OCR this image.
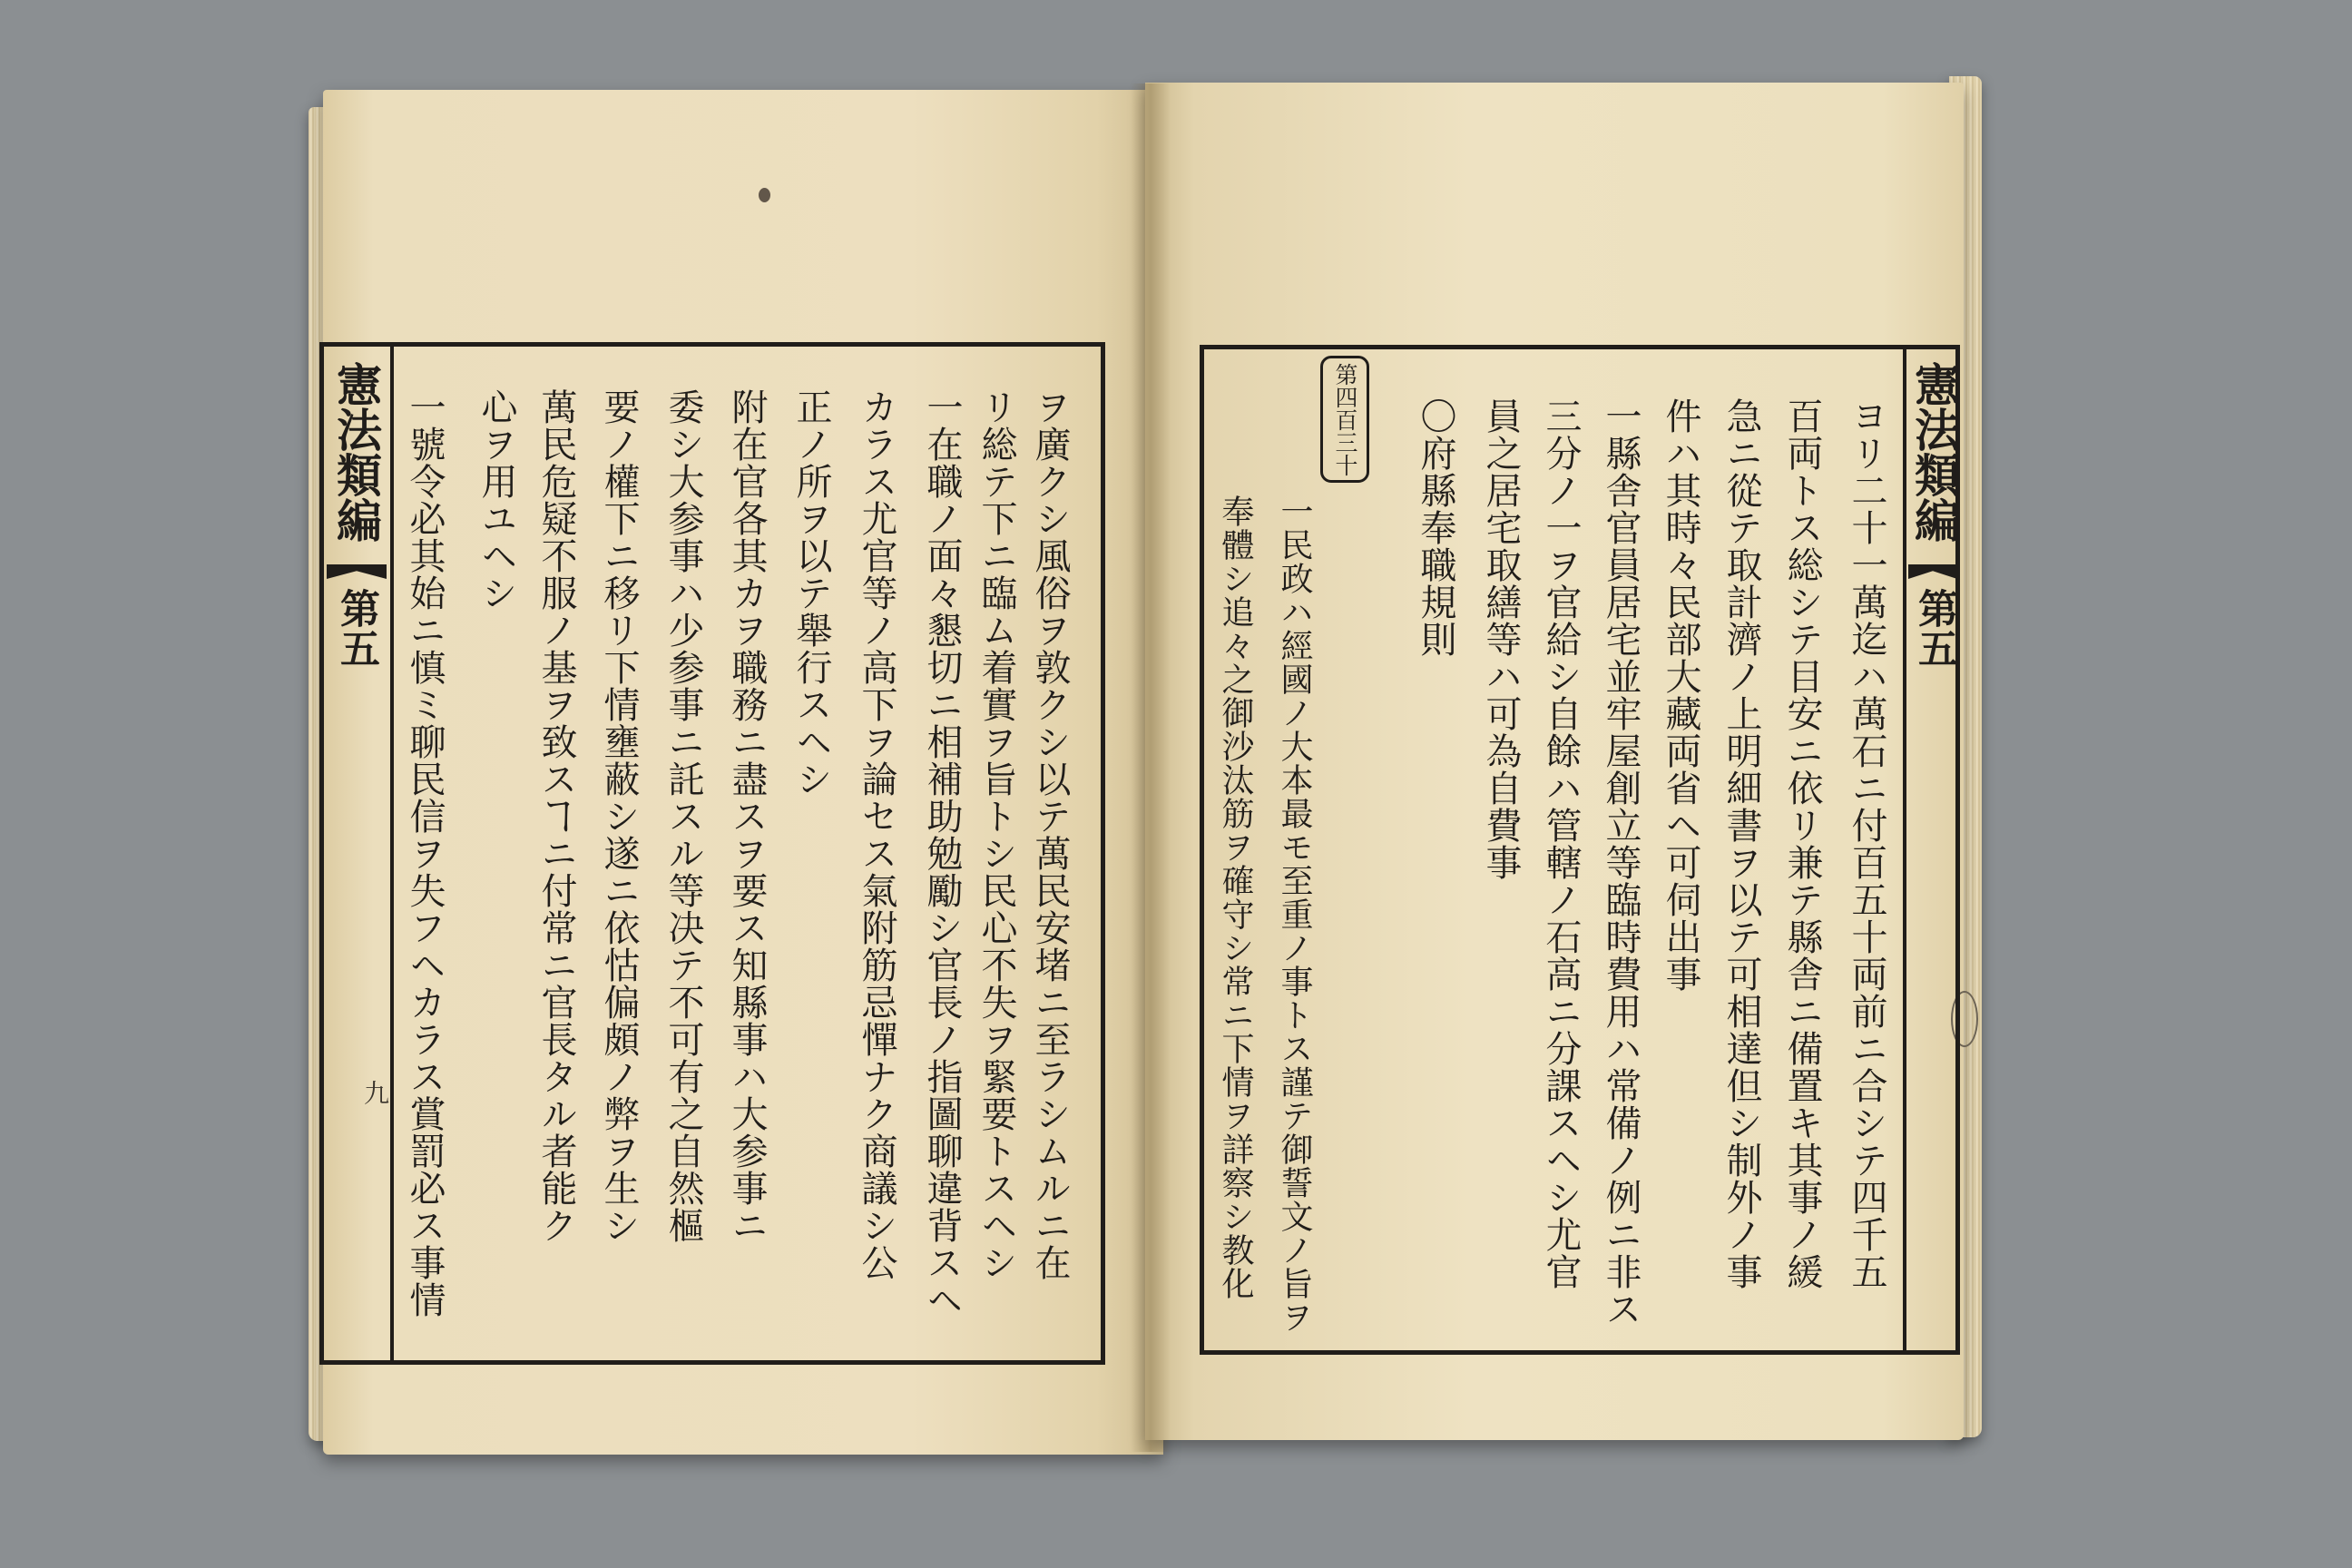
憲法類編
第五
九	ヲ廣クシ風俗ヲ敦クシ以テ萬民安堵ニ至ラシムルニ在
リ総テ下ニ臨ム着實ヲ旨トシ民心不失ヲ緊要トスヘシ
一在職ノ面々懇切ニ相補助勉勵シ官長ノ指圖聊違背スヘ
カラス尤官等ノ高下ヲ論セス氣附筋忌憚ナク商議シ公
正ノ所ヲ以テ舉行スヘシ
附在官各其カヲ職務ニ盡スヲ要ス知縣事ハ大参事ニ
委シ大参事ハ少参事ニ託スル等决テ不可有之自然樞
要ノ權下ニ移リ下情壅蔽シ遂ニ依怙偏頗ノ弊ヲ生シ
萬民危疑不服ノ基ヲ致スヿニ付常ニ官長タル者能ク
心ヲ用ユヘシ
一號令必其始ニ慎ミ聊民信ヲ失フヘカラス賞罰必ス事情	憲法類編
第五
ヨリ二十一萬迄ハ萬石ニ付百五十両前ニ合シテ四千五
百両トス総シテ目安ニ依リ兼テ縣舎ニ備置キ其事ノ緩
急ニ從テ取計濟ノ上明細書ヲ以テ可相達但シ制外ノ事
件ハ其時々民部大藏両省ヘ可伺出事
一縣舎官員居宅並牢屋創立等臨時費用ハ常備ノ例ニ非ス
三分ノ一ヲ官給シ自餘ハ管轄ノ石高ニ分課スヘシ尤官
員之居宅取繕等ハ可為自費事
〇府縣奉職規則
第四百三十
一民政ハ經國ノ大本最モ至重ノ事トス謹テ御誓文ノ旨ヲ
奉體シ追々之御沙汰筋ヲ確守シ常ニ下情ヲ詳察シ教化
